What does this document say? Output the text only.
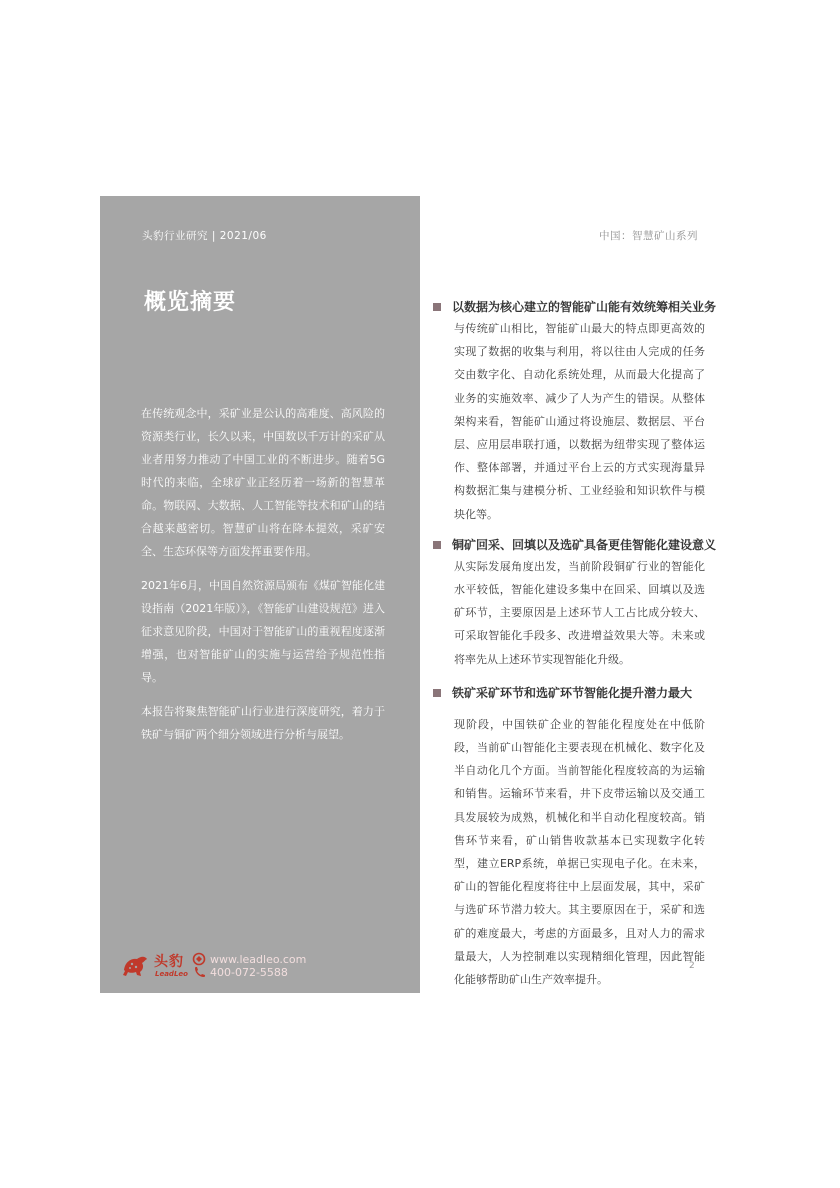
头豹行业研究 | 2021/06
概览摘要

在传统观念中，采矿业是公认的高难度、高风险的资源类行业，长久以来，中国数以千万计的采矿从业者用努力推动了中国工业的不断进步。随着5G时代的来临，全球矿业正经历着一场新的智慧革命。物联网、大数据、人工智能等技术和矿山的结合越来越密切。智慧矿山将在降本提效，采矿安全、生态环保等方面发挥重要作用。

2021年6月，中国自然资源局颁布《煤矿智能化建设指南（2021年版）》，《智能矿山建设规范》进入征求意见阶段，中国对于智能矿山的重视程度逐渐增强，也对智能矿山的实施与运营给予规范性指导。

本报告将聚焦智能矿山行业进行深度研究，着力于铁矿与铜矿两个细分领域进行分析与展望。

头豹
LeadLeo
www.leadleo.com
400-072-5588
中国：智慧矿山系列
以数据为核心建立的智能矿山能有效统筹相关业务
与传统矿山相比，智能矿山最大的特点即更高效的实现了数据的收集与利用，将以往由人完成的任务交由数字化、自动化系统处理，从而最大化提高了业务的实施效率、减少了人为产生的错误。从整体架构来看，智能矿山通过将设施层、数据层、平台层、应用层串联打通，以数据为纽带实现了整体运作、整体部署，并通过平台上云的方式实现海量异构数据汇集与建模分析、工业经验和知识软件与模块化等。
铜矿回采、回填以及选矿具备更佳智能化建设意义
从实际发展角度出发，当前阶段铜矿行业的智能化水平较低，智能化建设多集中在回采、回填以及选矿环节，主要原因是上述环节人工占比成分较大、可采取智能化手段多、改进增益效果大等。未来或将率先从上述环节实现智能化升级。
铁矿采矿环节和选矿环节智能化提升潜力最大
现阶段，中国铁矿企业的智能化程度处在中低阶段，当前矿山智能化主要表现在机械化、数字化及半自动化几个方面。当前智能化程度较高的为运输和销售。运输环节来看，井下皮带运输以及交通工具发展较为成熟，机械化和半自动化程度较高。销售环节来看，矿山销售收款基本已实现数字化转型，建立ERP系统，单据已实现电子化。在未来，矿山的智能化程度将往中上层面发展，其中，采矿与选矿环节潜力较大。其主要原因在于，采矿和选矿的难度最大，考虑的方面最多，且对人力的需求量最大，人为控制难以实现精细化管理，因此智能化能够帮助矿山生产效率提升。
2
